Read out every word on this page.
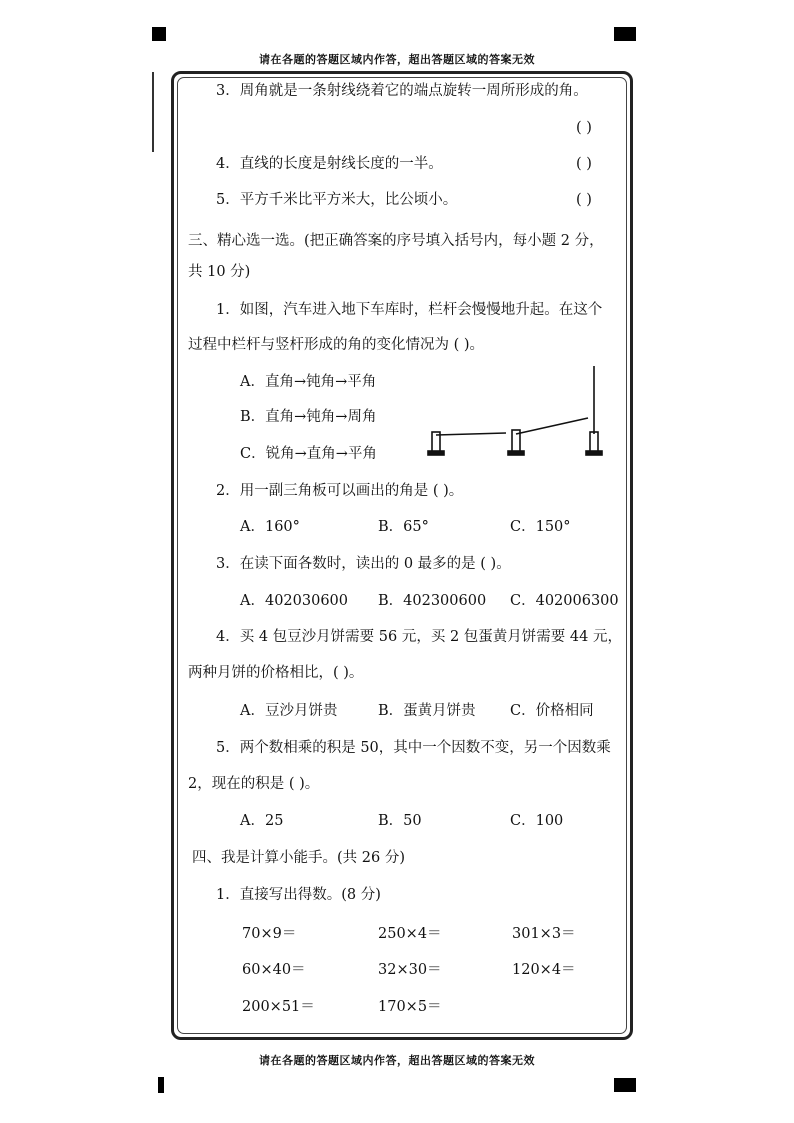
请在各题的答题区域内作答，超出答题区域的答案无效
请在各题的答题区域内作答，超出答题区域的答案无效
3．周角就是一条射线绕着它的端点旋转一周所形成的角。
( )
4．直线的长度是射线长度的一半。	( )
5．平方千米比平方米大，比公顷小。	( )
三、精心选一选。(把正确答案的序号填入括号内，每小题 2 分，
共 10 分)
1．如图，汽车进入地下车库时，栏杆会慢慢地升起。在这个
过程中栏杆与竖杆形成的角的变化情况为 ( )。
A．直角→钝角→平角
B．直角→钝角→周角
C．锐角→直角→平角
2．用一副三角板可以画出的角是 ( )。
A．160°	B．65°	C．150°
3．在读下面各数时，读出的 0 最多的是 ( )。
A．402030600 B．402300600 C．402006300
4．买 4 包豆沙月饼需要 56 元，买 2 包蛋黄月饼需要 44 元，
两种月饼的价格相比，( )。
A．豆沙月饼贵	B．蛋黄月饼贵 C．价格相同
5．两个数相乘的积是 50，其中一个因数不变，另一个因数乘
2，现在的积是 ( )。
A．25	B．50	C．100
四、我是计算小能手。(共 26 分)
1．直接写出得数。(8 分)
70×9＝	250×4＝	301×3＝
60×40＝	32×30＝	120×4＝
200×51＝	170×5＝
